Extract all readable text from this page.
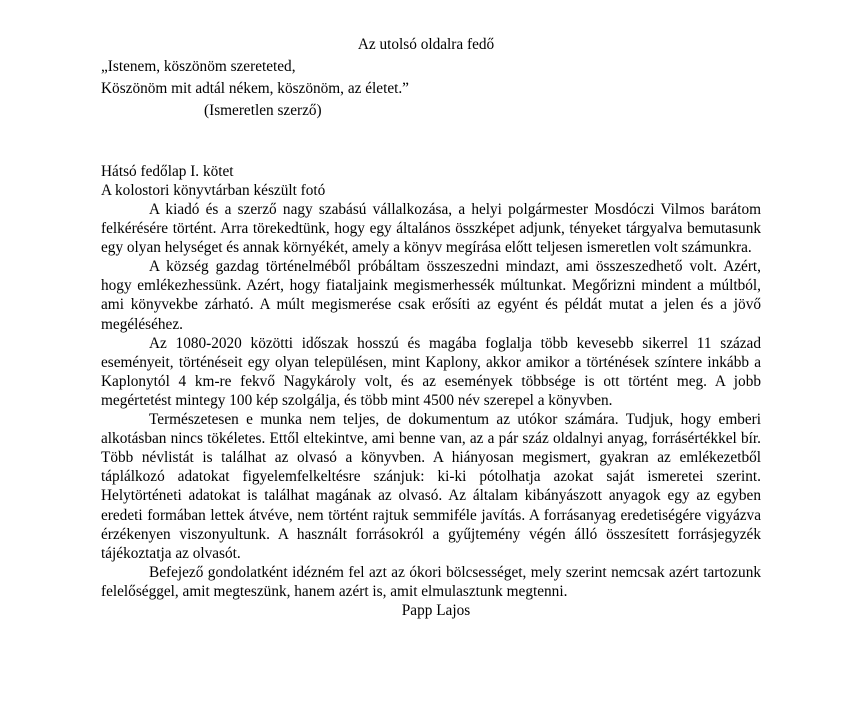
Az utolsó oldalra fedő
„Istenem, köszönöm szereteted,
Köszönöm mit adtál nékem, köszönöm, az életet.”
(Ismeretlen szerző)
Hátsó fedőlap I. kötet
A kolostori könyvtárban készült fotó

A kiadó és a szerző nagy szabású vállalkozása, a helyi polgármester Mosdóczi Vilmos barátom felkérésére történt. Arra törekedtünk, hogy egy általános összképet adjunk, tényeket tárgyalva bemutasunk egy olyan helységet és annak környékét, amely a könyv megírása előtt teljesen ismeretlen volt számunkra.

A község gazdag történelméből próbáltam összeszedni mindazt, ami összeszedhető volt. Azért, hogy emlékezhessünk. Azért, hogy fiataljaink megismerhessék múltunkat. Megőrizni mindent a múltból, ami könyvekbe zárható. A múlt megismerése csak erősíti az egyént és példát mutat a jelen és a jövő megéléséhez.

Az 1080-2020 közötti időszak hosszú és magába foglalja több kevesebb sikerrel 11 század eseményeit, történéseit egy olyan településen, mint Kaplony, akkor amikor a történések színtere inkább a Kaplonytól 4 km-re fekvő Nagykároly volt, és az események többsége is ott történt meg. A jobb megértetést mintegy 100 kép szolgálja, és több mint 4500 név szerepel a könyvben.

Természetesen e munka nem teljes, de dokumentum az utókor számára. Tudjuk, hogy emberi alkotásban nincs tökéletes. Ettől eltekintve, ami benne van, az a pár száz oldalnyi anyag, forrásértékkel bír. Több névlistát is találhat az olvasó a könyvben. A hiányosan megismert, gyakran az emlékezetből táplálkozó adatokat figyelemfelkeltésre szánjuk: ki-ki pótolhatja azokat saját ismeretei szerint. Helytörténeti adatokat is találhat magának az olvasó. Az általam kibányászott anyagok egy az egyben eredeti formában lettek átvéve, nem történt rajtuk semmiféle javítás. A forrásanyag eredetiségére vigyázva érzékenyen viszonyultunk. A használt forrásokról a gyűjtemény végén álló összesített forrásjegyzék tájékoztatja az olvasót.

Befejező gondolatként idézném fel azt az ókori bölcsességet, mely szerint nemcsak azért tartozunk felelőséggel, amit megteszünk, hanem azért is, amit elmulasztunk megtenni.

Papp Lajos
